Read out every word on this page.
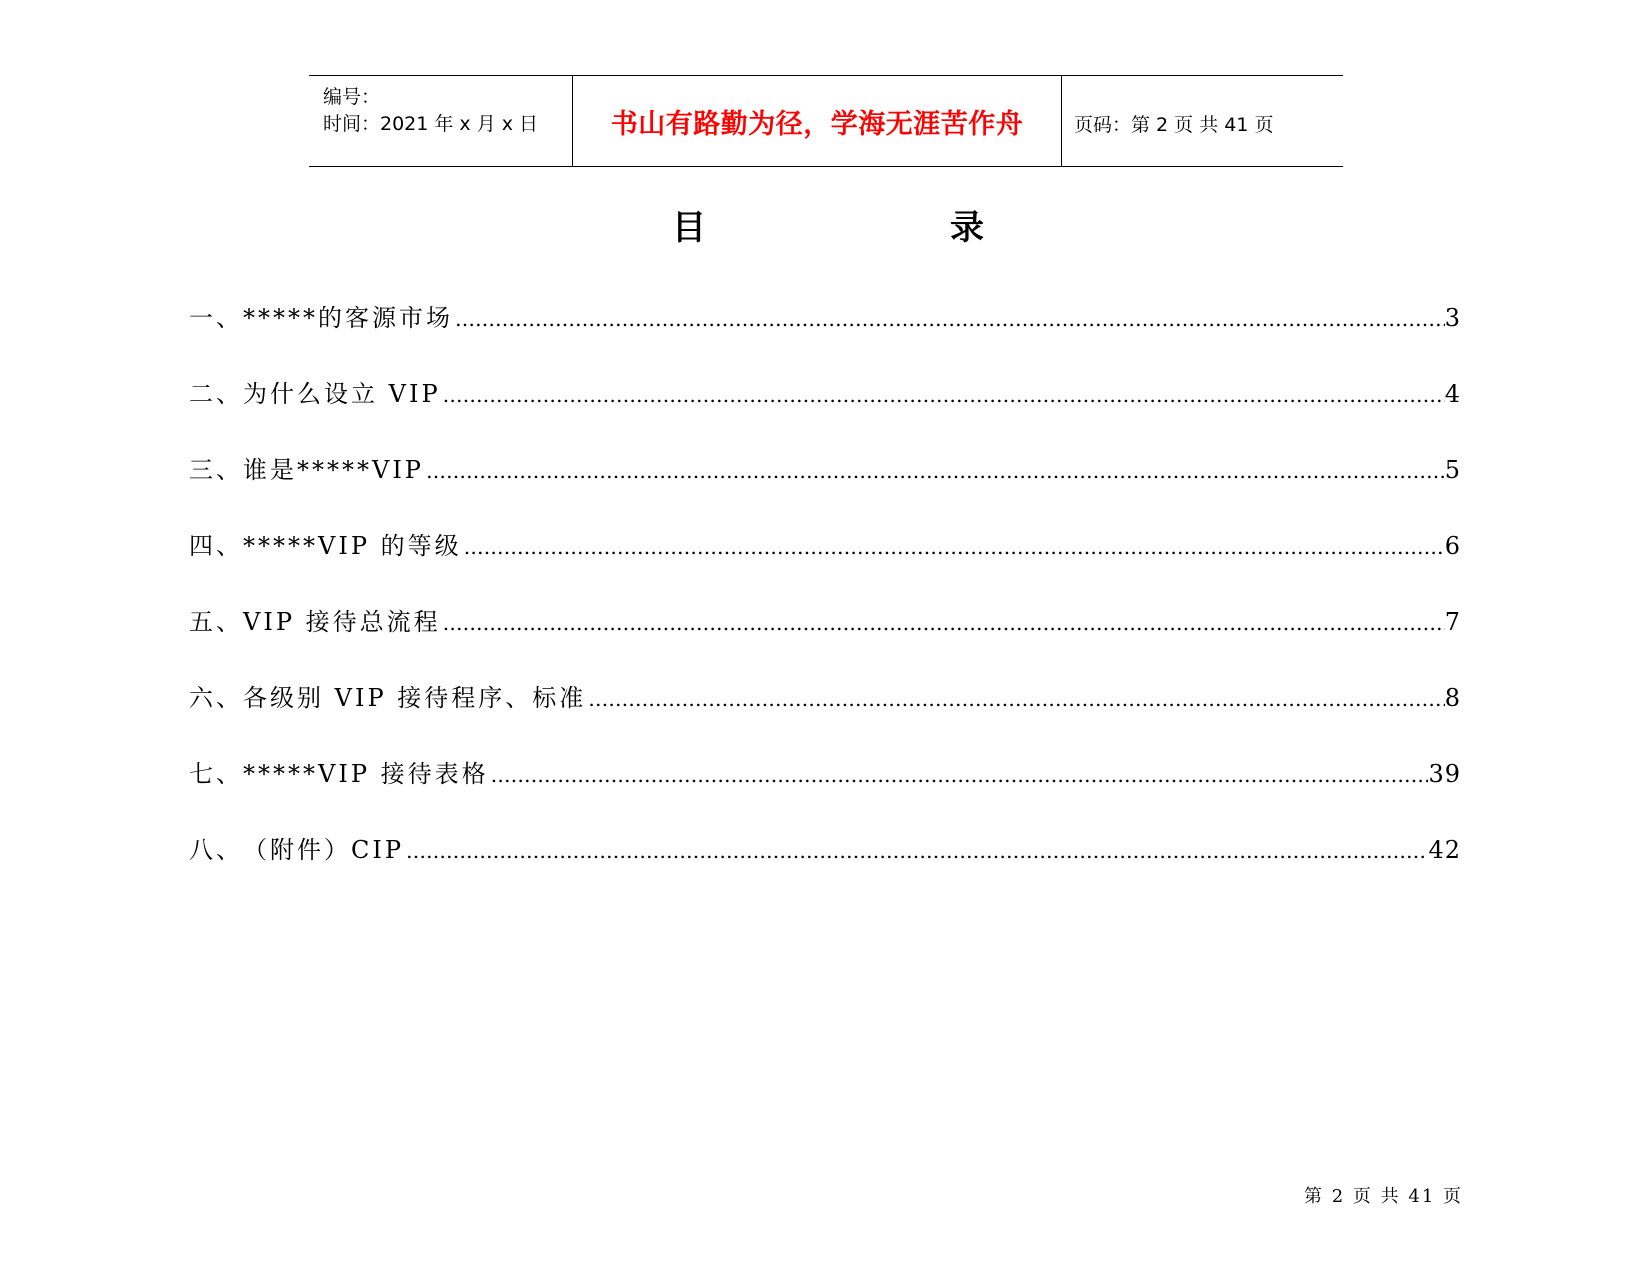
编号：
时间：2021 年 x 月 x 日	书山有路勤为径，学海无涯苦作舟	页码：第 2 页 共 41 页
目	录
一、 *****的客源市场 ……………………………………………………………………………………………………………………………………………………………………………………………………………………………………………………	3
二、 为什么设立 VIP ……………………………………………………………………………………………………………………………………………………………………………………………………………………………………………………	4
三、 谁是*****VIP ……………………………………………………………………………………………………………………………………………………………………………………………………………………………………………………	5
四、 *****VIP 的等级 ……………………………………………………………………………………………………………………………………………………………………………………………………………………………………………………	6
五、 VIP 接待总流程 ……………………………………………………………………………………………………………………………………………………………………………………………………………………………………………………	7
六、 各级别 VIP 接待程序、标准 ……………………………………………………………………………………………………………………………………………………………………………………………………………………………………………………	8
七、 *****VIP 接待表格 ……………………………………………………………………………………………………………………………………………………………………………………………………………………………………………………	39
八、 （附件）CIP ……………………………………………………………………………………………………………………………………………………………………………………………………………………………………………………	42
第 2 页 共 41 页
